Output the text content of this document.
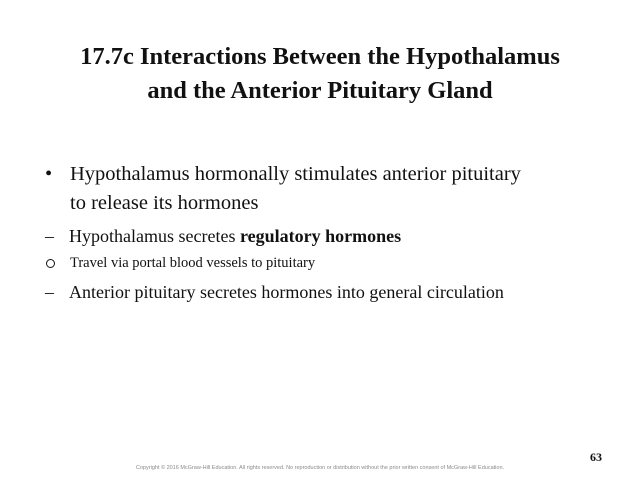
17.7c Interactions Between the Hypothalamus
and the Anterior Pituitary Gland
• Hypothalamus hormonally stimulates anterior pituitary
to release its hormones
– Hypothalamus secretes regulatory hormones
Travel via portal blood vessels to pituitary
– Anterior pituitary secretes hormones into general circulation
63
Copyright © 2016 McGraw-Hill Education. All rights reserved. No reproduction or distribution without the prior written consent of McGraw-Hill Education.
